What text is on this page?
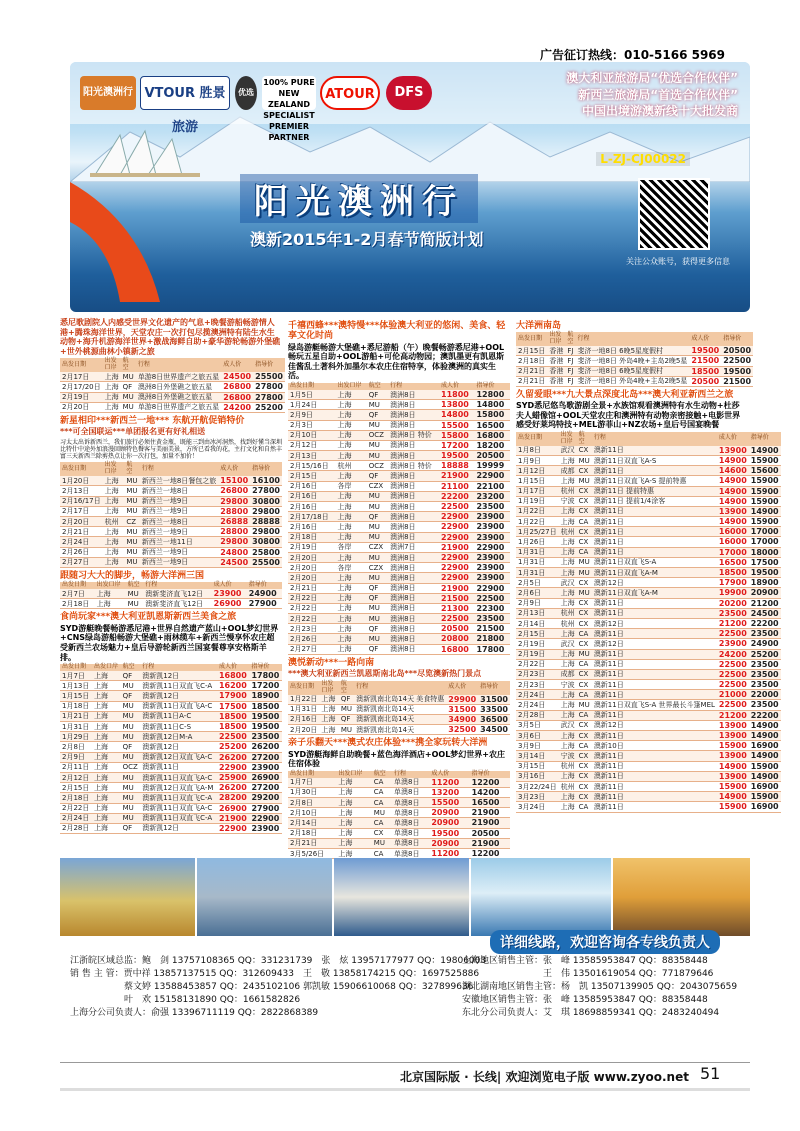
广告征订热线：010-5166 5969
阳光澳洲行 VTOUR 胜景旅游
优选
100% PURE NEW ZEALAND SPECIALIST PREMIER PARTNER
ATOUR	DFS
澳大利亚旅游局“优选合作伙伴”
新西兰旅游局“首选合作伙伴”
中国出境游澳新线十大批发商
L-ZJ-CJ00022
阳光澳洲行
澳新2015年1-2月春节简版计划
关注公众账号，获得更多信息
悉尼歌剧院人内感受世界文化遗产的气息+晚餐游船畅游情人港+腾珠海洋世界，天堂农庄一次打包尽揽澳洲特有陆生水生动物+海升机游海洋世界+激战海鲜自助+豪华游轮畅游外堡礁+世外桃源曲林小镇新之旅
出发日期	出发口岸	航空	行程	成人价	指导价
2月17日	上海	MU	单游8日世界遗产之旅五星	24500	25500
2月17/20日	上海	QF	澳洲8日外堡礁之旅五星	26800	27800
2月19日	上海	MU	澳洲8日外堡礁之旅五星	26800	27800
2月20日	上海	MU	单游8日世界遗产之旅五星	24200	25200
新星相印***新西兰一地*** 东航开航促销特价
***可全国联运***单团报名更有好礼相送
习太太出诉新西兰，我们旅行必须住黄金瓶，既能三到由冰河洞然，找到好懂当深圳比特什中途外加浪漫回顾特色餐客与美丽美景，方所已看我的花，主打文化和自然丰富三天新西兰除剪热点让你一次打包，加量不加价！
出发日期	出发口岸	航空	行程	成人价	指导价
1月20日	上海	MU	新西兰一地8日餐包之旅	15100	16100
2月13日	上海	MU	新西兰一地8日	26800	27800
2月16/17日	上海	MU	新西兰一地9日	29800	30800
2月17日	上海	MU	新西兰一地9日	28800	29800
2月20日	杭州	CZ	新西兰一地8日	26888	28888
2月21日	上海	MU	新西兰一地9日	28800	29800
2月24日	上海	MU	新西兰一地11日	29800	30800
2月26日	上海	MU	新西兰一地9日	24800	25800
2月27日	上海	MU	新西兰一地9日	24500	25500
跟随习大大的脚步，畅游大洋洲三国
出发日期	出发口岸	航空	行程	成人价	指导价
2月7日	上海	MU	澳新斐济直飞12日	23900	24900
2月18日	上海	MU	澳新斐济直飞12日	26900	27900
食尚玩家***澳大利亚凯恩斯新西兰美食之旅
SYD游艇晚餐畅游悉尼港+世界自然遗产蓝山+OOL梦幻世界+CNS绿岛游船畅游大堡礁+雨林缆车+新西兰慢享怀农庄超受新西兰农场魅力+皇后导游轮新西兰国宴餐尊享安格斯羊排。
出发日期	出发口岸	航空	行程	成人价	指导价
1月7日	上海	QF	澳新凯12日	16800	17800
1月13日	上海	MU	澳新凯11日双直飞C-A	16200	17200
1月15日	上海	QF	澳新凯12日	17900	18900
1月18日	上海	MU	澳新凯11日双直飞A-C	17500	18500
1月21日	上海	MU	澳新凯11日A-C	18500	19500
1月31日	上海	MU	澳新凯11日C-S	18500	19500
1月29日	上海	MU	澳新凯12日M-A	22500	23500
2月8日	上海	QF	澳新凯12日	25200	26200
2月9日	上海	MU	澳新凯12日双直飞A-C	26200	27200
2月11日	上海	OCZ	澳新凯11日	22900	23900
2月12日	上海	MU	澳新凯11日双直飞A-C	25900	26900
2月15日	上海	MU	澳新凯12日双直飞A-M	26200	27200
2月18日	上海	MU	澳新凯11日双直飞C-A	28200	29200
2月22日	上海	MU	澳新凯11日双直飞A-C	26900	27900
2月24日	上海	MU	澳新凯11日双直飞C-A	21900	22900
2月28日	上海	QF	澳新凯12日	22900	23900
千禧西蜂***澳特慢***体验澳大利亚的悠闲、美食、轻享文化时尚
绿岛游艇畅游大堡礁+悉尼游船（午）晚餐畅游悉尼港+OOL畅玩五星自助+OOL游船+可伦高动物园；澳凯墨更有凯恩斯佳酱乱土著科外加墨尔本农庄住宿特享，体验澳洲的真实生活。
出发日期	出发口岸	航空	行程	成人价	指导价
1月5日	上海	QF	澳洲8日	11800	12800
1月24日	上海	MU	澳洲8日	13800	14800
2月9日	上海	QF	澳洲8日	14800	15800
2月3日	上海	MU	澳洲8日	15500	16500
2月10日	上海	OCZ	澳洲8日 特价	15800	16800
2月12日	上海	MU	澳洲8日	17200	18200
2月13日	上海	MU	澳洲8日	19500	20500
2月15/16日	杭州	OCZ	澳洲8日 特价	18888	19999
2月15日	上海	QF	澳洲8日	21900	22900
2月16日	各岸	CZX	澳洲8日	21100	22100
2月16日	上海	MU	澳洲8日	22200	23200
2月16日	上海	MU	澳洲8日	22500	23500
2月17/18日	上海	QF	澳洲8日	22900	23900
2月16日	上海	MU	澳洲8日	22900	23900
2月18日	上海	MU	澳洲8日	22900	23900
2月19日	各岸	CZX	澳洲7日	21900	22900
2月20日	上海	MU	澳洲8日	22900	23900
2月20日	各岸	CZX	澳洲8日	22900	23900
2月20日	上海	MU	澳洲8日	22900	23900
2月21日	上海	QF	澳洲8日	21900	22900
2月22日	上海	QF	澳洲8日	21500	22500
2月22日	上海	MU	澳洲8日	21300	22300
2月22日	上海	MU	澳洲8日	22500	23500
2月23日	上海	QF	澳洲8日	20500	21500
2月26日	上海	MU	澳洲8日	20800	21800
2月27日	上海	QF	澳洲8日	16800	17800
澳悦新动***一路向南
***澳大利亚新西兰凯恩斯南北岛***尽览澳新热门景点
出发日期	出发口岸	航空	行程	成人价	指导价
1月22日	上海	QF	澳新凯南北岛14天 美食特惠	29900	31500
1月31日	上海	MU	澳新凯南北岛14天	31500	33500
2月16日	上海	QF	澳新凯南北岛14天	34900	36500
2月20日	上海	MU	澳新凯南北岛14天	32500	34500
亲子乐翻天***澳式农庄体验***携全家玩转大洋洲
SYD游艇海鲜自助晚餐+蓝色海洋酒店+OOL梦幻世界+农庄住宿体验
出发日期	出发口岸	航空	行程	成人价	指导价
1月7日	上海	CA	单澳8日	11200	12200
1月30日	上海	CA	单澳8日	13200	14200
2月8日	上海	CA	单澳8日	15500	16500
2月10日	上海	MU	单澳8日	20900	21900
2月14日	上海	CA	单澳8日	20900	21900
2月18日	上海	CX	单澳8日	19500	20500
2月21日	上海	MU	单澳8日	20900	21900
3月5/26日	上海	CA	单澳8日	11200	12200
大洋洲南岛
出发日期	出发口岸	航空	行程	成人价	指导价
2月15日	香港	FJ	斐济一地8日 6晚5星度假村	19500	20500
2月18日	香港	FJ	斐济一地8日 外岛4晚+主岛2晚5星	21500	22500
2月21日	香港	FJ	斐济一地8日 6晚5星度假村	18500	19500
2月21日	香港	FJ	斐济一地8日 外岛4晚+主岛2晚5星	20500	21500
久留爱眼***九大景点深度北岛***澳大利亚新西兰之旅
SYD悉尼悠鸟歌游剧全景+水族馆观看澳洲特有水生动物+杜莎夫人蜡像馆+OOL天堂农庄和澳洲特有动物亲密接触+电影世界感受好莱坞特技+MEL游菲山+NZ农场+皇后号国宴晚餐
出发日期	出发口岸	航空	行程	成人价	指导价
1月8日	武汉	CX	澳新11日	13900	14900
1月9日	上海	MU	澳新11日双直飞A-S	14900	15900
1月12日	成都	CX	澳新11日	14600	15600
1月15日	上海	MU	澳新11日双直飞A-S 提前特惠	14900	15900
1月17日	杭州	CX	澳新11日 提前特惠	14900	15900
1月19日	宁波	CX	澳新11日 提前1/4涂客	14900	15900
1月22日	上海	CX	澳新11日	13900	14900
1月22日	上海	CA	澳新11日	14900	15900
1月25/27日	杭州	CX	澳新11日	16000	17000
1月26日	上海	CX	澳新11日	16000	17000
1月31日	上海	CA	澳新11日	17000	18000
1月31日	上海	MU	澳新11日双直飞S-A	16500	17500
1月31日	上海	MU	澳新11日双直飞A-M	18500	19500
2月5日	武汉	CX	澳新12日	17900	18900
2月6日	上海	MU	澳新11日双直飞A-M	19900	20900
2月9日	上海	CX	澳新11日	20200	21200
2月13日	杭州	CX	澳新11日	23500	24500
2月14日	杭州	CX	澳新12日	21200	22200
2月15日	上海	CA	澳新11日	22500	23500
2月19日	武汉	CX	澳新12日	23900	24900
2月19日	上海	MU	澳新11日	24200	25200
2月22日	上海	CA	澳新11日	22500	23500
2月23日	成都	CX	澳新11日	22500	23500
2月23日	宁波	CX	澳新11日	22500	23500
2月24日	上海	CA	澳新11日	21000	22000
2月24日	上海	MU	澳新11日双直飞S-A 世界最长斗篷MEL	22500	23500
2月28日	上海	CA	澳新11日	21200	22200
3月5日	武汉	CX	澳新12日	13900	14900
3月6日	上海	CX	澳新11日	13900	14900
3月9日	上海	CA	澳新10日	15900	16900
3月14日	宁波	CX	澳新11日	13900	14900
3月15日	杭州	CX	澳新11日	14900	15900
3月16日	上海	CX	澳新11日	13900	14900
3月22/24日	杭州	CX	澳新11日	15900	16900
3月23日	上海	CX	澳新11日	14900	15900
3月24日	上海	CA	澳新11日	15900	16900
详细线路，欢迎咨询各专线负责人
江浙皖区域总监：鲍　剑 13757108365 QQ：331231739　张　炫 13957177977 QQ：19806003
上海地区销售主管：张　峰 13585953847 QQ：88358448
销 售 主 管：贾中祥 13857137515 QQ：312609433　王　敬 13858174215 QQ：1697525886
　　　　　　　　　王　伟 13501619054 QQ：771879646
　　　　　　蔡文婷 13588453857 QQ：2435102106 郭凯敏 15906610068 QQ：327899636
湖北湖南地区销售主管：杨　凯 13507139905 QQ：2043075659
　　　　　　叶　欢 15158131890 QQ：1661582826	安徽地区销售主管：张　峰 13585953847 QQ：88358448
上海分公司负责人：俞强 13396711119 QQ：2822868389	东北分公司负责人：艾　琪 18698859341 QQ：2483240494
北京国际版 · 长线| 欢迎浏览电子版 www.zyoo.net 51
